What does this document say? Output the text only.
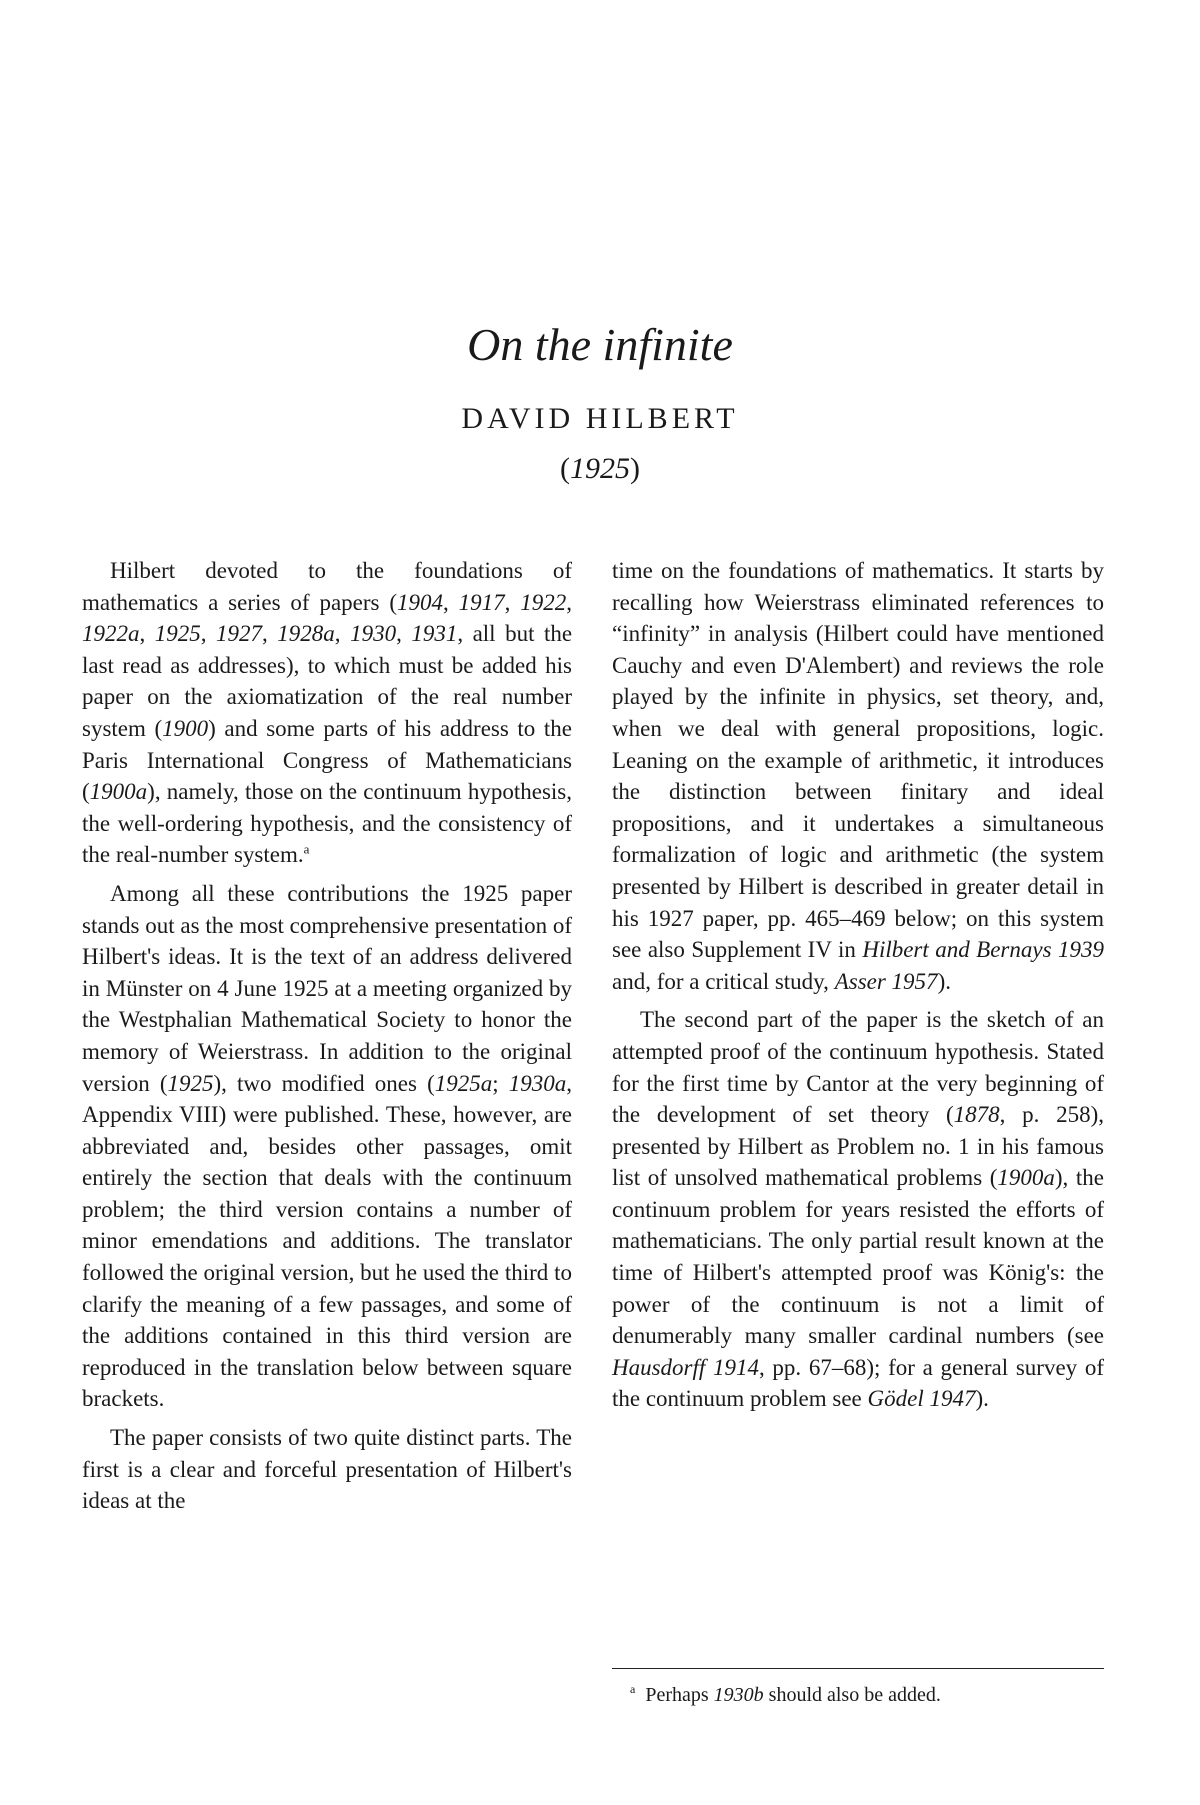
On the infinite
DAVID HILBERT
(1925)

Hilbert devoted to the foundations of mathematics a series of papers (1904, 1917, 1922, 1922a, 1925, 1927, 1928a, 1930, 1931, all but the last read as addresses), to which must be added his paper on the axiomatization of the real number system (1900) and some parts of his address to the Paris International Congress of Mathematicians (1900a), namely, those on the continuum hypothesis, the well-ordering hypothesis, and the consistency of the real-number system.$^a$

Among all these contributions the 1925 paper stands out as the most comprehensive presentation of Hilbert's ideas. It is the text of an address delivered in Münster on 4 June 1925 at a meeting organized by the Westphalian Mathematical Society to honor the memory of Weierstrass. In addition to the original version (1925), two modified ones (1925a; 1930a, Appendix VIII) were published. These, however, are abbreviated and, besides other passages, omit entirely the section that deals with the continuum problem; the third version contains a number of minor emendations and additions. The translator followed the original version, but he used the third to clarify the meaning of a few passages, and some of the additions contained in this third version are reproduced in the translation below between square brackets.

The paper consists of two quite distinct parts. The first is a clear and forceful presentation of Hilbert's ideas at the

time on the foundations of mathematics. It starts by recalling how Weierstrass eliminated references to “infinity” in analysis (Hilbert could have mentioned Cauchy and even D'Alembert) and reviews the role played by the infinite in physics, set theory, and, when we deal with general propositions, logic. Leaning on the example of arithmetic, it introduces the distinction between finitary and ideal propositions, and it undertakes a simultaneous formalization of logic and arithmetic (the system presented by Hilbert is described in greater detail in his 1927 paper, pp. 465–469 below; on this system see also Supplement IV in Hilbert and Bernays 1939 and, for a critical study, Asser 1957).

The second part of the paper is the sketch of an attempted proof of the continuum hypothesis. Stated for the first time by Cantor at the very beginning of the development of set theory (1878, p. 258), presented by Hilbert as Problem no. 1 in his famous list of unsolved mathematical problems (1900a), the continuum problem for years resisted the efforts of mathematicians. The only partial result known at the time of Hilbert's attempted proof was König's: the power of the continuum is not a limit of denumerably many smaller cardinal numbers (see Hausdorff 1914, pp. 67–68); for a general survey of the continuum problem see Gödel 1947).

$^a$ Perhaps 1930b should also be added.
